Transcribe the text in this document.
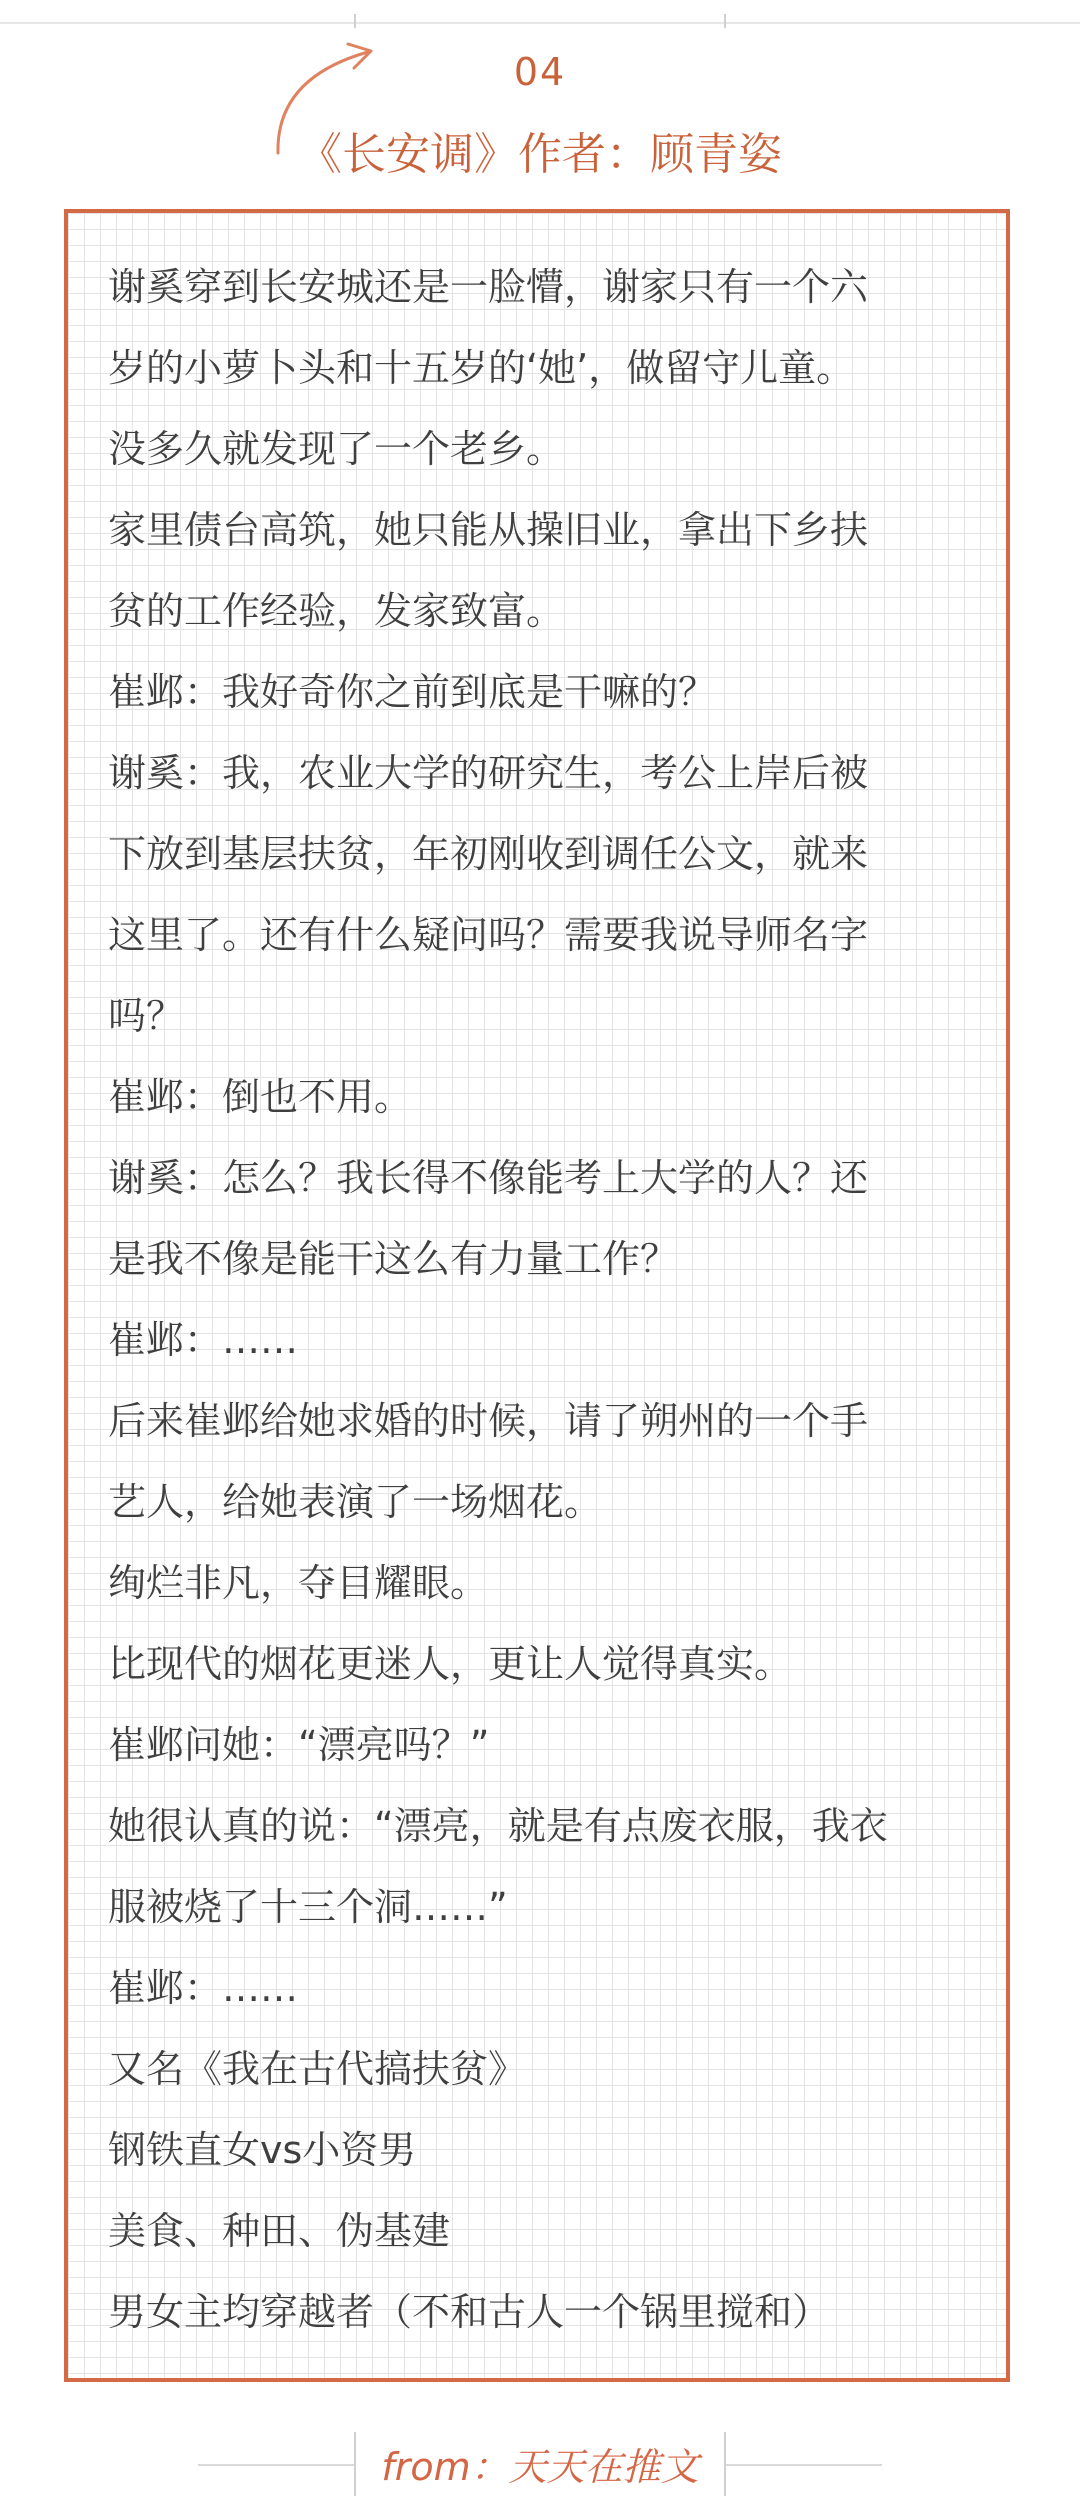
04
《长安调》作者：顾青姿
谢奚穿到长安城还是一脸懵，谢家只有一个六
岁的小萝卜头和十五岁的‘她’，做留守儿童。
没多久就发现了一个老乡。
家里债台高筑，她只能从操旧业，拿出下乡扶
贫的工作经验，发家致富。
崔邺：我好奇你之前到底是干嘛的？
谢奚：我，农业大学的研究生，考公上岸后被
下放到基层扶贫，年初刚收到调任公文，就来
这里了。还有什么疑问吗？需要我说导师名字
吗？
崔邺：倒也不用。
谢奚：怎么？我长得不像能考上大学的人？还
是我不像是能干这么有力量工作？
崔邺：……
后来崔邺给她求婚的时候，请了朔州的一个手
艺人，给她表演了一场烟花。
绚烂非凡，夺目耀眼。
比现代的烟花更迷人，更让人觉得真实。
崔邺问她：“漂亮吗？”
她很认真的说：“漂亮，就是有点废衣服，我衣
服被烧了十三个洞……”
崔邺：……
又名《我在古代搞扶贫》
钢铁直女vs小资男
美食、种田、伪基建
男女主均穿越者（不和古人一个锅里搅和）
from：天天在推文
